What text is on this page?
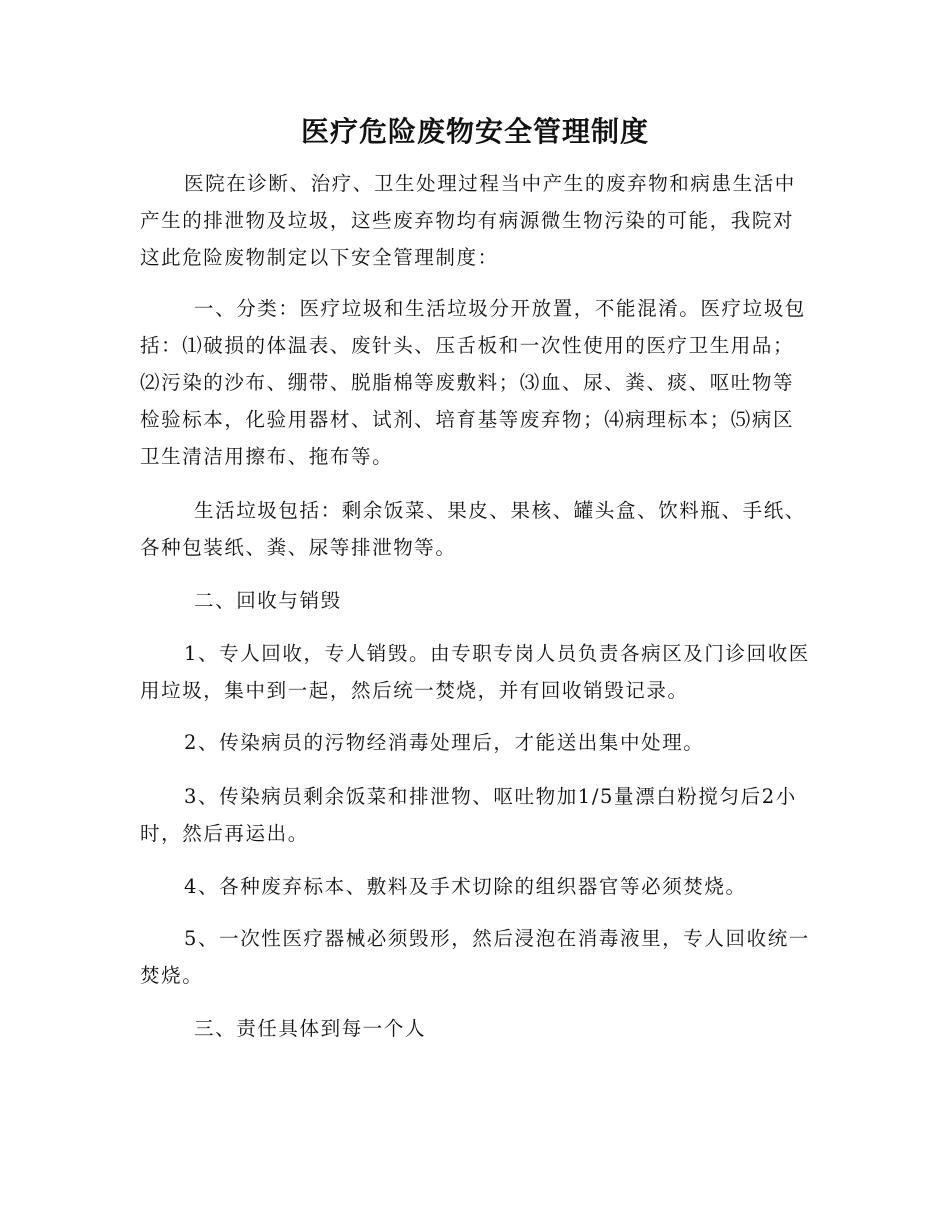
医疗危险废物安全管理制度

医院在诊断、治疗、卫生处理过程当中产生的废弃物和病患生活中产生的排泄物及垃圾，这些废弃物均有病源微生物污染的可能，我院对这此危险废物制定以下安全管理制度：

一、分类：医疗垃圾和生活垃圾分开放置，不能混淆。医疗垃圾包括：⑴破损的体温表、废针头、压舌板和一次性使用的医疗卫生用品；⑵污染的沙布、绷带、脱脂棉等废敷料；⑶血、尿、粪、痰、呕吐物等检验标本，化验用器材、试剂、培育基等废弃物；⑷病理标本；⑸病区卫生清洁用擦布、拖布等。

生活垃圾包括：剩余饭菜、果皮、果核、罐头盒、饮料瓶、手纸、各种包装纸、粪、尿等排泄物等。

二、回收与销毁

1、专人回收，专人销毁。由专职专岗人员负责各病区及门诊回收医用垃圾，集中到一起，然后统一焚烧，并有回收销毁记录。

2、传染病员的污物经消毒处理后，才能送出集中处理。

3、传染病员剩余饭菜和排泄物、呕吐物加1/5量漂白粉搅匀后2小时，然后再运出。

4、各种废弃标本、敷料及手术切除的组织器官等必须焚烧。

5、一次性医疗器械必须毁形，然后浸泡在消毒液里，专人回收统一焚烧。

三、责任具体到每一个人
